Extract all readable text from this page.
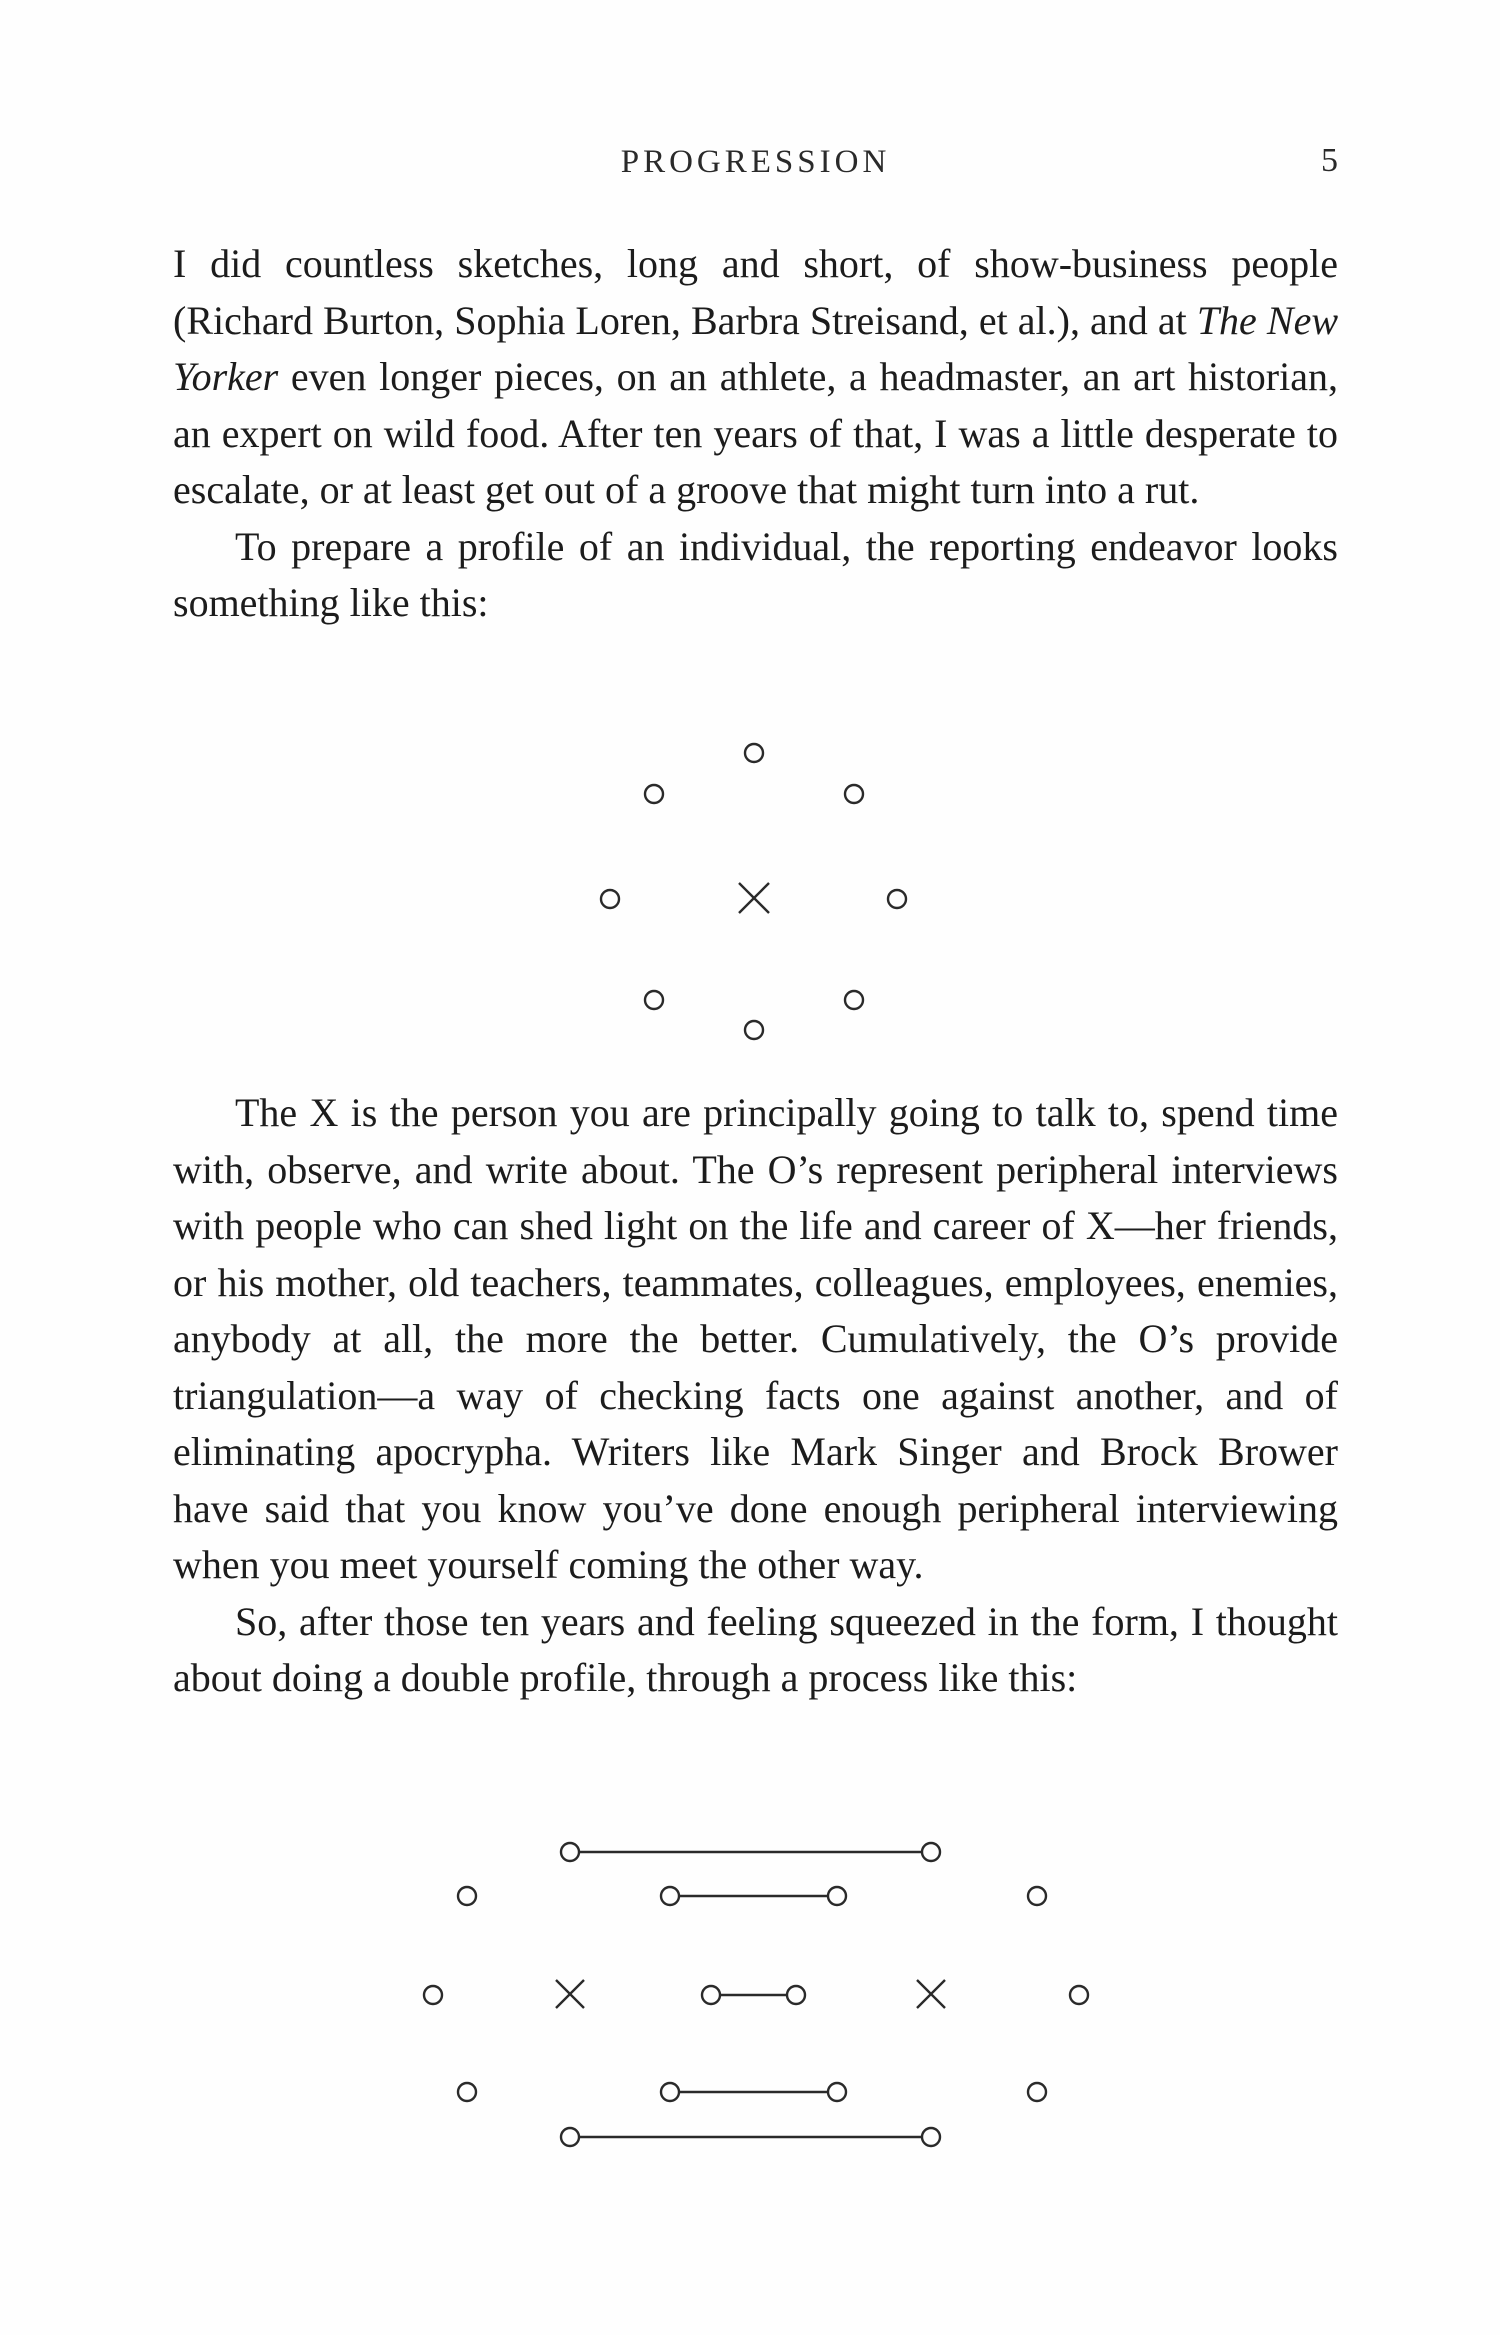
PROGRESSION	5

I did countless sketches, long and short, of show-business people (Richard Burton, Sophia Loren, Barbra Streisand, et al.), and at The New Yorker even longer pieces, on an athlete, a headmaster, an art historian, an expert on wild food. After ten years of that, I was a little desperate to escalate, or at least get out of a groove that might turn into a rut.

To prepare a profile of an individual, the reporting endeavor looks something like this:

The X is the person you are principally going to talk to, spend time with, observe, and write about. The O’s represent peripheral interviews with people who can shed light on the life and career of X—her friends, or his mother, old teachers, teammates, colleagues, employees, enemies, anybody at all, the more the better. Cumulatively, the O’s provide triangulation—a way of checking facts one against another, and of eliminating apocrypha. Writers like Mark Singer and Brock Brower have said that you know you’ve done enough peripheral interviewing when you meet yourself coming the other way.

So, after those ten years and feeling squeezed in the form, I thought about doing a double profile, through a process like this:
